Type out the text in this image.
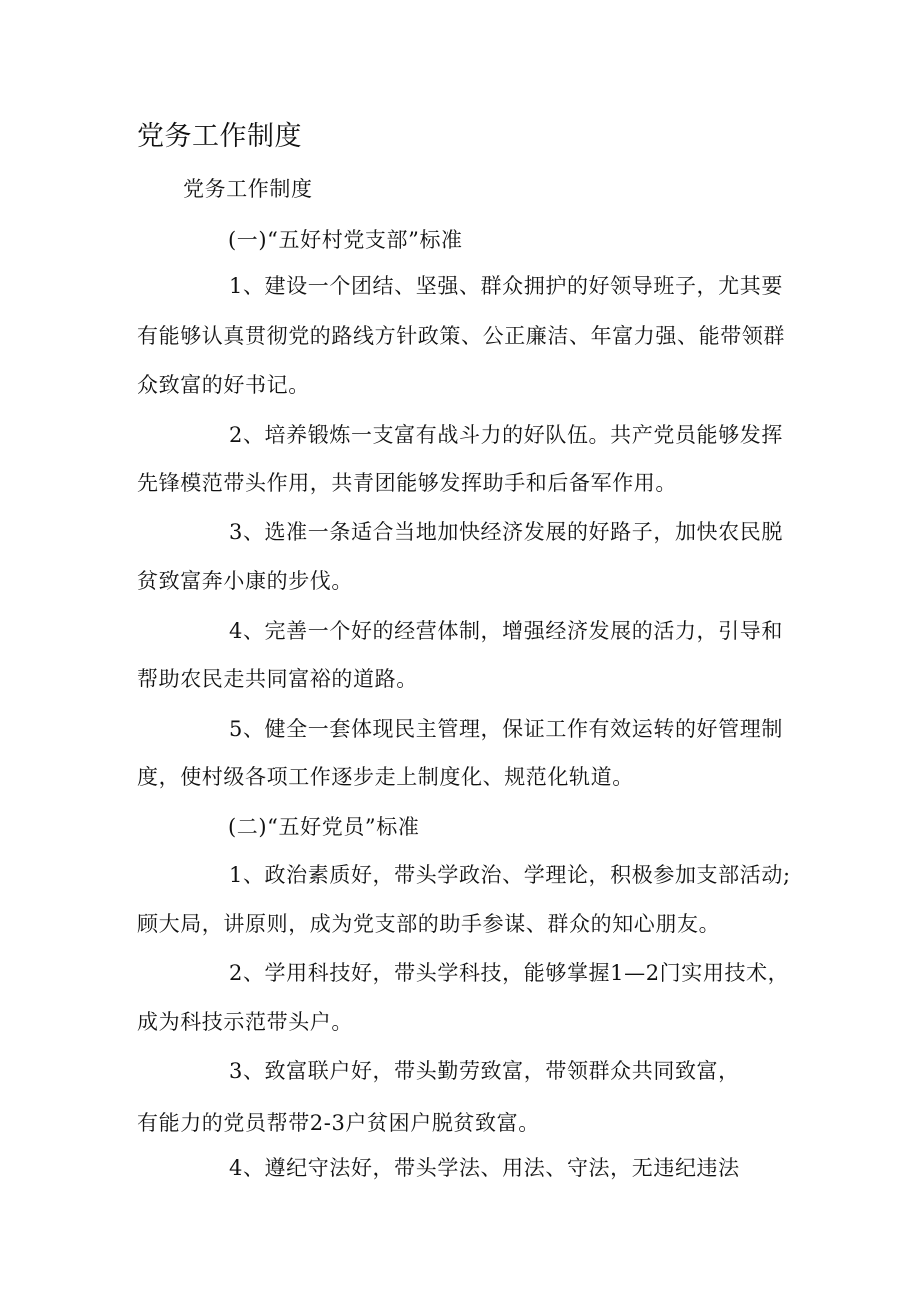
党务工作制度
党务工作制度
(一)“五好村党支部”标准
1、建设一个团结、坚强、群众拥护的好领导班子，尤其要
有能够认真贯彻党的路线方针政策、公正廉洁、年富力强、能带领群
众致富的好书记。
2、培养锻炼一支富有战斗力的好队伍。共产党员能够发挥
先锋模范带头作用，共青团能够发挥助手和后备军作用。
3、选准一条适合当地加快经济发展的好路子，加快农民脱
贫致富奔小康的步伐。
4、完善一个好的经营体制，增强经济发展的活力，引导和
帮助农民走共同富裕的道路。
5、健全一套体现民主管理，保证工作有效运转的好管理制
度，使村级各项工作逐步走上制度化、规范化轨道。
(二)“五好党员”标准
1、政治素质好，带头学政治、学理论，积极参加支部活动;
顾大局，讲原则，成为党支部的助手参谋、群众的知心朋友。
2、学用科技好，带头学科技，能够掌握1—2门实用技术，
成为科技示范带头户。
3、致富联户好，带头勤劳致富，带领群众共同致富，
有能力的党员帮带2-3户贫困户脱贫致富。
4、遵纪守法好，带头学法、用法、守法，无违纪违法
